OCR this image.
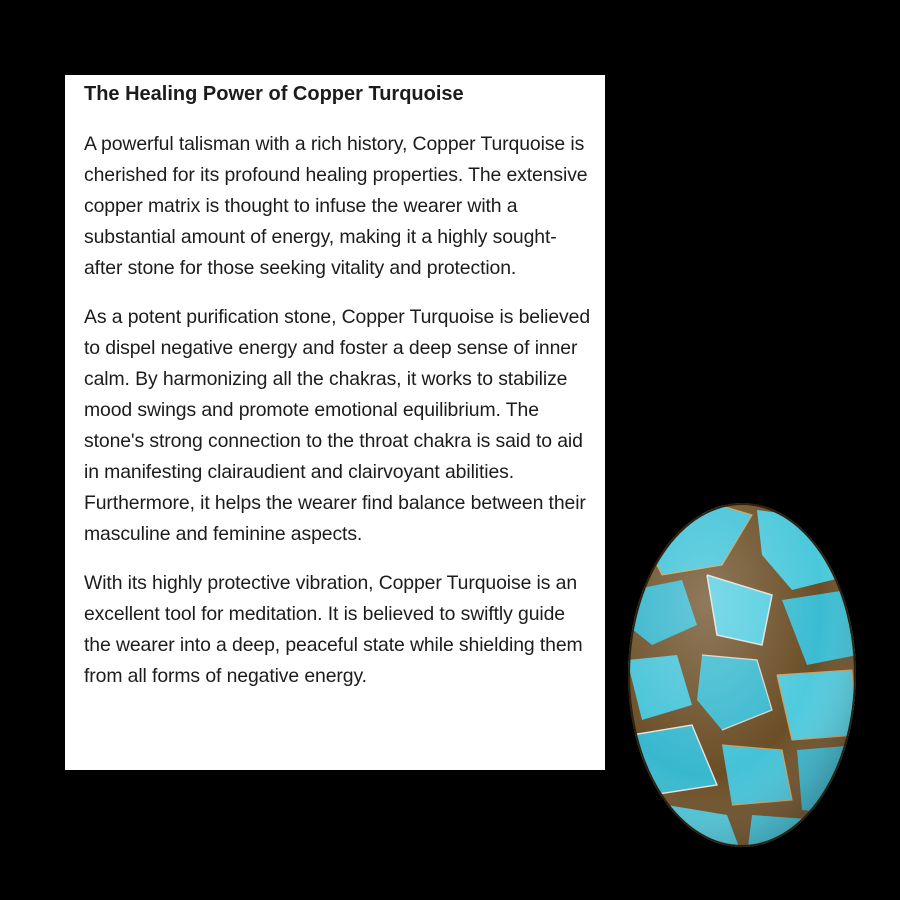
The Healing Power of Copper Turquoise

A powerful talisman with a rich history, Copper Turquoise is cherished for its profound healing properties. The extensive copper matrix is thought to infuse the wearer with a substantial amount of energy, making it a highly sought-after stone for those seeking vitality and protection.

As a potent purification stone, Copper Turquoise is believed to dispel negative energy and foster a deep sense of inner calm. By harmonizing all the chakras, it works to stabilize mood swings and promote emotional equilibrium. The stone's strong connection to the throat chakra is said to aid in manifesting clairaudient and clairvoyant abilities. Furthermore, it helps the wearer find balance between their masculine and feminine aspects.

With its highly protective vibration, Copper Turquoise is an excellent tool for meditation. It is believed to swiftly guide the wearer into a deep, peaceful state while shielding them from all forms of negative energy.
